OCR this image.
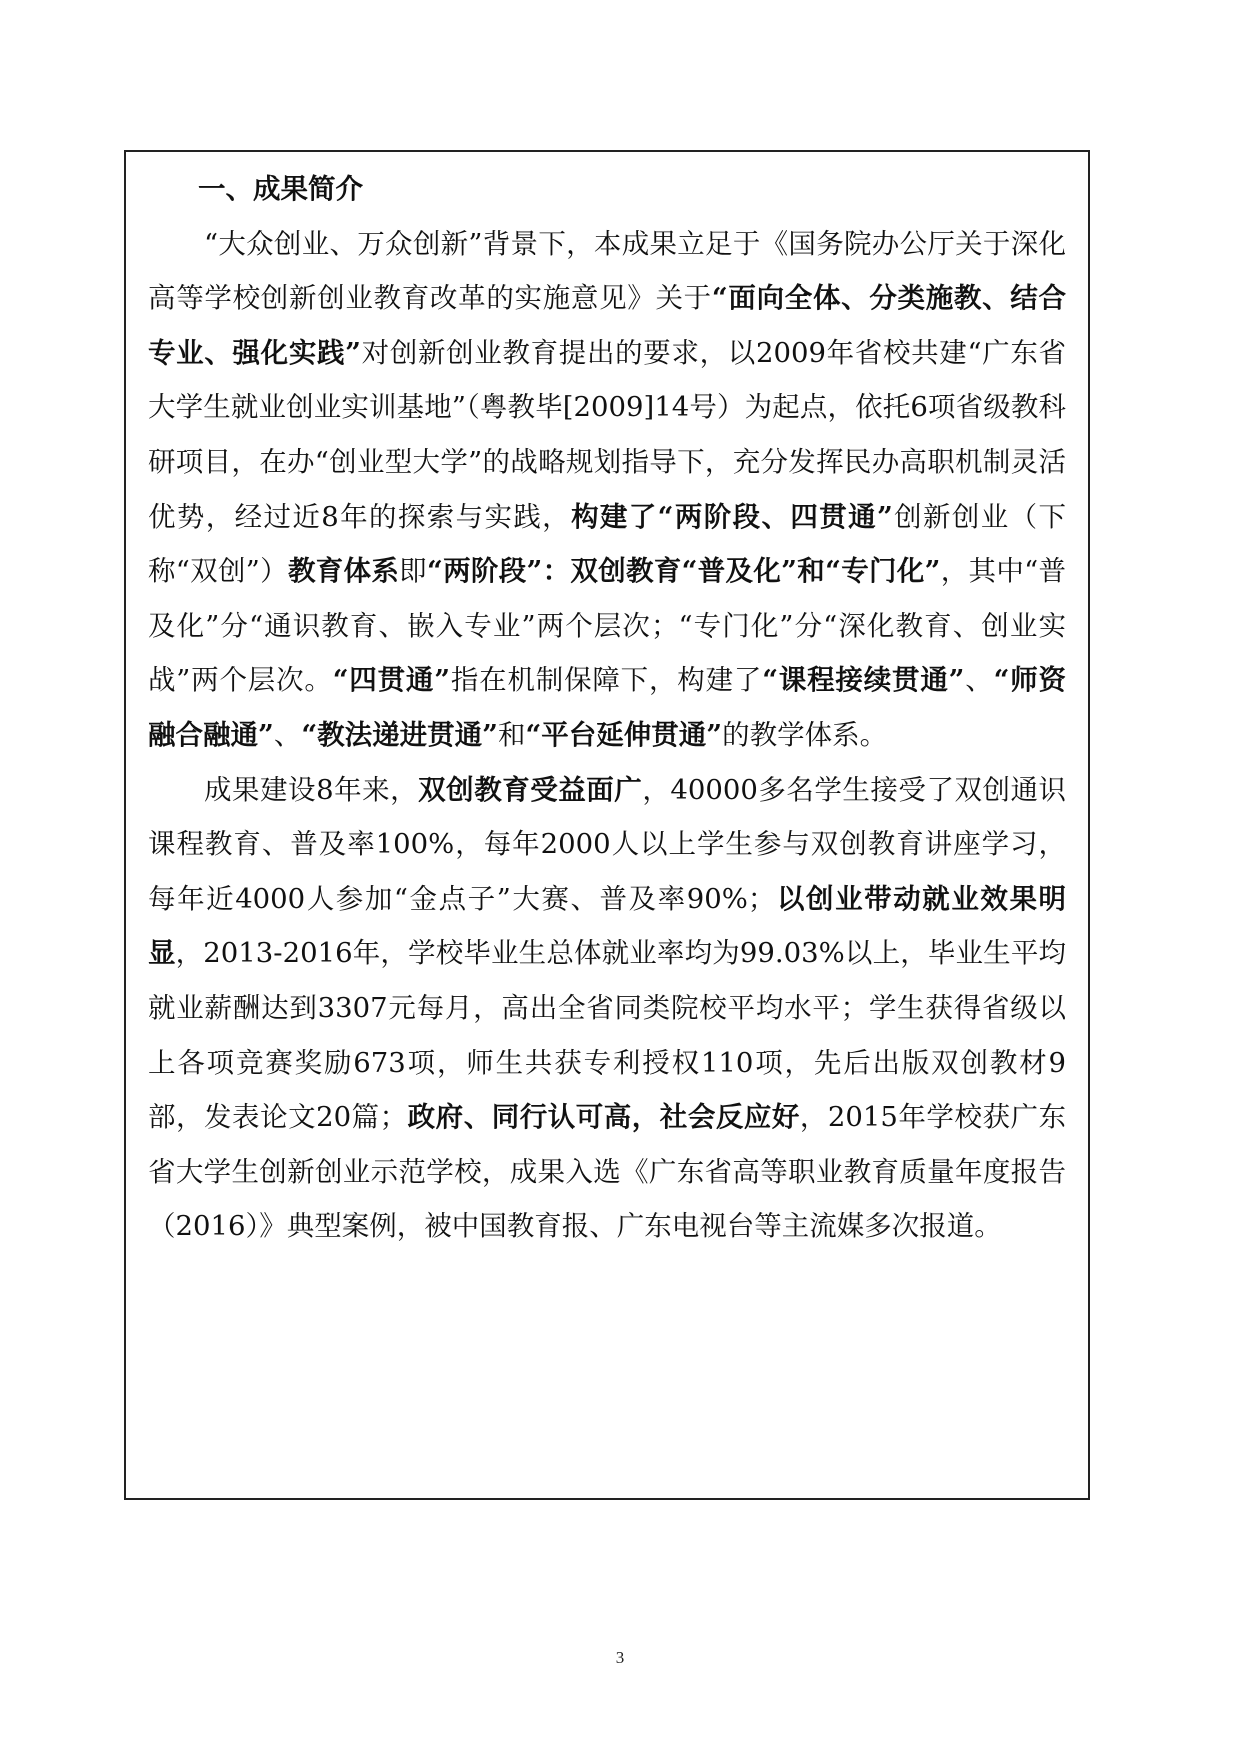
一、成果简介

“大众创业、万众创新”背景下，本成果立足于《国务院办公厅关于深化高等学校创新创业教育改革的实施意见》关于“面向全体、分类施教、结合专业、强化实践”对创新创业教育提出的要求，以2009年省校共建“广东省大学生就业创业实训基地”（粤教毕[2009]14号）为起点，依托6项省级教科研项目，在办“创业型大学”的战略规划指导下，充分发挥民办高职机制灵活优势，经过近8年的探索与实践，构建了“两阶段、四贯通”创新创业（下称“双创”）教育体系即“两阶段”：双创教育“普及化”和“专门化”，其中“普及化”分“通识教育、嵌入专业”两个层次；“专门化”分“深化教育、创业实战”两个层次。“四贯通”指在机制保障下，构建了“课程接续贯通”、“师资融合融通”、“教法递进贯通”和“平台延伸贯通”的教学体系。

成果建设8年来，双创教育受益面广，40000多名学生接受了双创通识课程教育、普及率100%，每年2000人以上学生参与双创教育讲座学习，每年近4000人参加“金点子”大赛、普及率90%；以创业带动就业效果明显，2013-2016年，学校毕业生总体就业率均为99.03%以上，毕业生平均就业薪酬达到3307元每月，高出全省同类院校平均水平；学生获得省级以上各项竞赛奖励673项，师生共获专利授权110项，先后出版双创教材9部，发表论文20篇；政府、同行认可高，社会反应好，2015年学校获广东省大学生创新创业示范学校，成果入选《广东省高等职业教育质量年度报告（2016）》典型案例，被中国教育报、广东电视台等主流媒多次报道。

3
